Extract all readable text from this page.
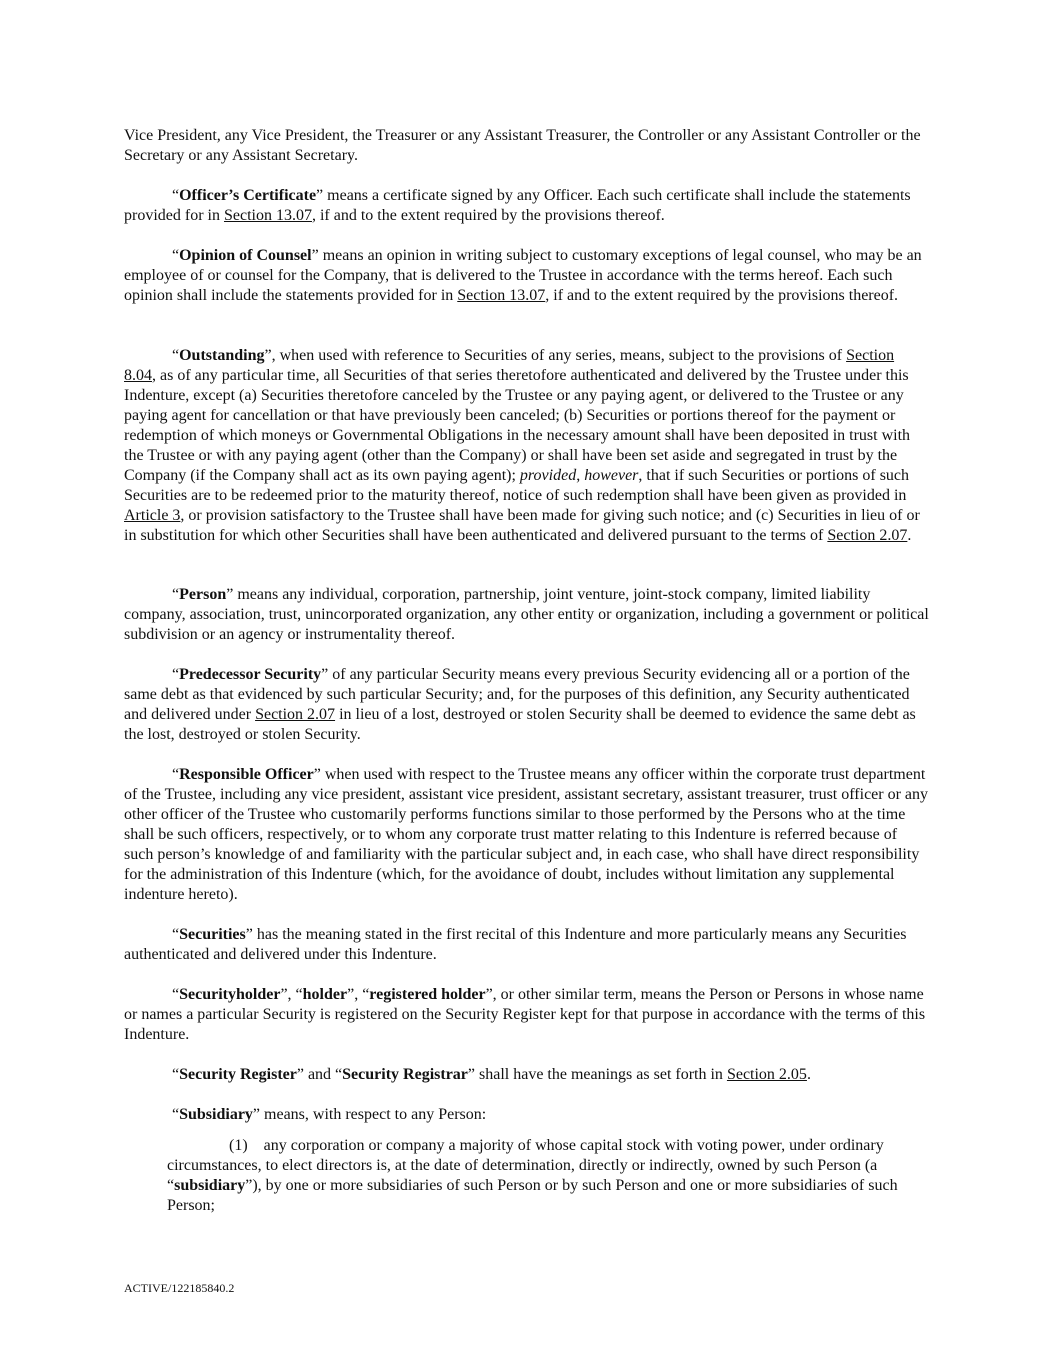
Vice President, any Vice President, the Treasurer or any Assistant Treasurer, the Controller or any Assistant Controller or the Secretary or any Assistant Secretary.

“Officer’s Certificate” means a certificate signed by any Officer. Each such certificate shall include the statements provided for in Section 13.07, if and to the extent required by the provisions thereof.

“Opinion of Counsel” means an opinion in writing subject to customary exceptions of legal counsel, who may be an employee of or counsel for the Company, that is delivered to the Trustee in accordance with the terms hereof. Each such opinion shall include the statements provided for in Section 13.07, if and to the extent required by the provisions thereof.

“Outstanding”, when used with reference to Securities of any series, means, subject to the provisions of Section 8.04, as of any particular time, all Securities of that series theretofore authenticated and delivered by the Trustee under this Indenture, except (a) Securities theretofore canceled by the Trustee or any paying agent, or delivered to the Trustee or any paying agent for cancellation or that have previously been canceled; (b) Securities or portions thereof for the payment or redemption of which moneys or Governmental Obligations in the necessary amount shall have been deposited in trust with the Trustee or with any paying agent (other than the Company) or shall have been set aside and segregated in trust by the Company (if the Company shall act as its own paying agent); provided, however, that if such Securities or portions of such Securities are to be redeemed prior to the maturity thereof, notice of such redemption shall have been given as provided in Article 3, or provision satisfactory to the Trustee shall have been made for giving such notice; and (c) Securities in lieu of or in substitution for which other Securities shall have been authenticated and delivered pursuant to the terms of Section 2.07.

“Person” means any individual, corporation, partnership, joint venture, joint-stock company, limited liability company, association, trust, unincorporated organization, any other entity or organization, including a government or political subdivision or an agency or instrumentality thereof.

“Predecessor Security” of any particular Security means every previous Security evidencing all or a portion of the same debt as that evidenced by such particular Security; and, for the purposes of this definition, any Security authenticated and delivered under Section 2.07 in lieu of a lost, destroyed or stolen Security shall be deemed to evidence the same debt as the lost, destroyed or stolen Security.

“Responsible Officer” when used with respect to the Trustee means any officer within the corporate trust department of the Trustee, including any vice president, assistant vice president, assistant secretary, assistant treasurer, trust officer or any other officer of the Trustee who customarily performs functions similar to those performed by the Persons who at the time shall be such officers, respectively, or to whom any corporate trust matter relating to this Indenture is referred because of such person’s knowledge of and familiarity with the particular subject and, in each case, who shall have direct responsibility for the administration of this Indenture (which, for the avoidance of doubt, includes without limitation any supplemental indenture hereto).

“Securities” has the meaning stated in the first recital of this Indenture and more particularly means any Securities authenticated and delivered under this Indenture.

“Securityholder”, “holder”, “registered holder”, or other similar term, means the Person or Persons in whose name or names a particular Security is registered on the Security Register kept for that purpose in accordance with the terms of this Indenture.

“Security Register” and “Security Registrar” shall have the meanings as set forth in Section 2.05.

“Subsidiary” means, with respect to any Person:

(1) any corporation or company a majority of whose capital stock with voting power, under ordinary circumstances, to elect directors is, at the date of determination, directly or indirectly, owned by such Person (a “subsidiary”), by one or more subsidiaries of such Person or by such Person and one or more subsidiaries of such Person;

ACTIVE/122185840.2
